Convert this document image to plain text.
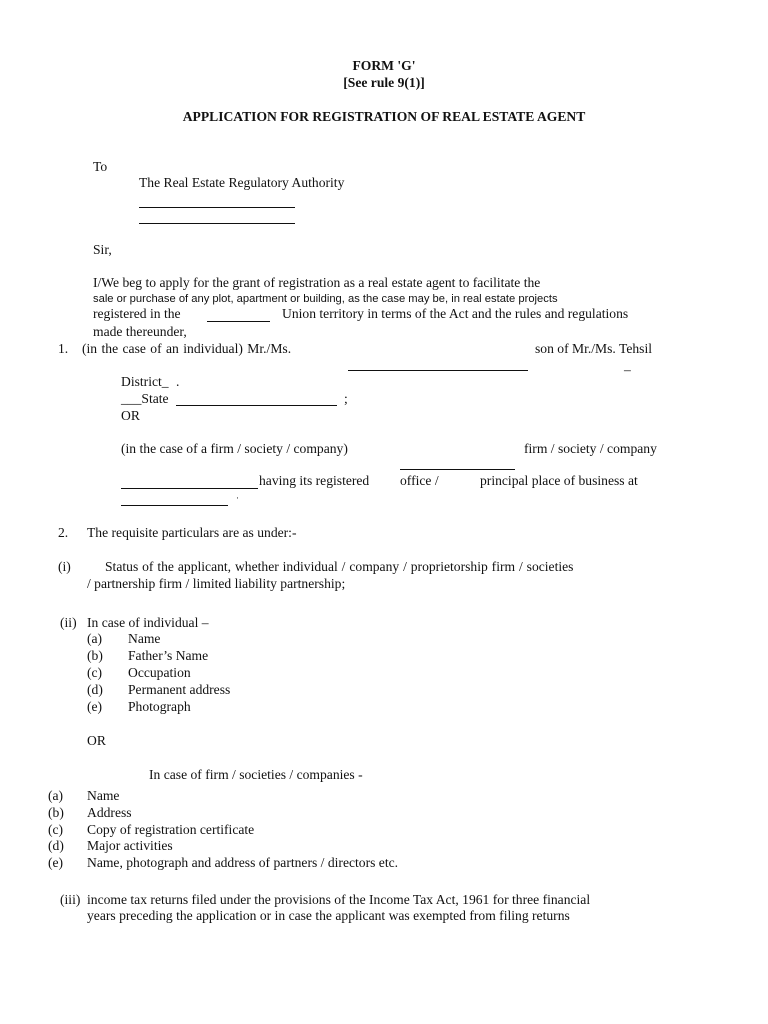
FORM 'G'
[See rule 9(1)]
APPLICATION FOR REGISTRATION OF REAL ESTATE AGENT
To
The Real Estate Regulatory Authority
Sir,
I/We beg to apply for the grant of registration as a real estate agent to facilitate the
sale or purchase of any plot, apartment or building, as the case may be, in real estate projects
registered in the	Union territory in terms of the Act and the rules and regulations
made thereunder,
1. (in the case of an individual) Mr./Ms.	son of Mr./Ms. Tehsil
–
District_ .
___State	;
OR
(in the case of a firm / society / company)	firm / society / company
having its registered office /	principal place of business at
·
2. The requisite particulars are as under:-
(i)	Status of the applicant, whether individual / company / proprietorship firm / societies
/ partnership firm / limited liability partnership;
(ii) In case of individual –
(a) Name
(b) Father’s Name
(c) Occupation
(d) Permanent address
(e) Photograph
OR
In case of firm / societies / companies -
(a) Name
(b) Address
(c) Copy of registration certificate
(d) Major activities
(e) Name, photograph and address of partners / directors etc.
(iii) income tax returns filed under the provisions of the Income Tax Act, 1961 for three financial
years preceding the application or in case the applicant was exempted from filing returns
